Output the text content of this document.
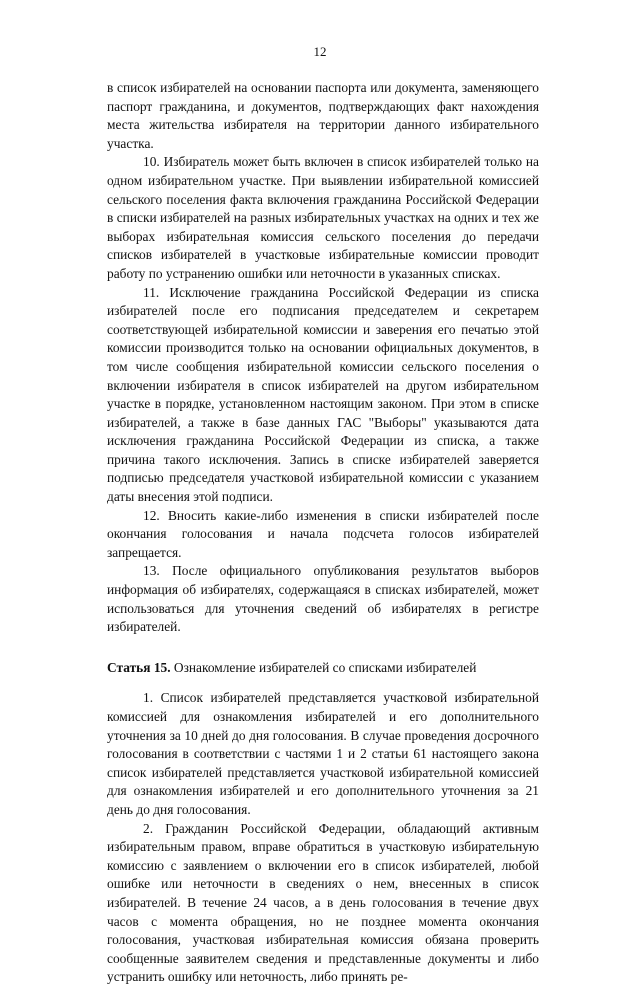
12

в список избирателей на основании паспорта или документа, заменяющего паспорт гражданина, и документов, подтверждающих факт нахождения места жительства избирателя на территории данного избирательного участка.

10. Избиратель может быть включен в список избирателей только на одном избирательном участке. При выявлении избирательной комиссией сельского поселения факта включения гражданина Российской Федерации в списки избирателей на разных избирательных участках на одних и тех же выборах избирательная комиссия сельского поселения до передачи списков избирателей в участковые избирательные комиссии проводит работу по устранению ошибки или неточности в указанных списках.

11. Исключение гражданина Российской Федерации из списка избирателей после его подписания председателем и секретарем соответствующей избирательной комиссии и заверения его печатью этой комиссии производится только на основании официальных документов, в том числе сообщения избирательной комиссии сельского поселения о включении избирателя в список избирателей на другом избирательном участке в порядке, установленном настоящим законом. При этом в списке избирателей, а также в базе данных ГАС "Выборы" указываются дата исключения гражданина Российской Федерации из списка, а также причина такого исключения. Запись в списке избирателей заверяется подписью председателя участковой избирательной комиссии с указанием даты внесения этой подписи.

12. Вносить какие-либо изменения в списки избирателей после окончания голосования и начала подсчета голосов избирателей запрещается.

13. После официального опубликования результатов выборов информация об избирателях, содержащаяся в списках избирателей, может использоваться для уточнения сведений об избирателях в регистре избирателей.

Статья 15. Ознакомление избирателей со списками избирателей

1. Список избирателей представляется участковой избирательной комиссией для ознакомления избирателей и его дополнительного уточнения за 10 дней до дня голосования. В случае проведения досрочного голосования в соответствии с частями 1 и 2 статьи 61 настоящего закона список избирателей представляется участковой избирательной комиссией для ознакомления избирателей и его дополнительного уточнения за 21 день до дня голосования.

2. Гражданин Российской Федерации, обладающий активным избирательным правом, вправе обратиться в участковую избирательную комиссию с заявлением о включении его в список избирателей, любой ошибке или неточности в сведениях о нем, внесенных в список избирателей. В течение 24 часов, а в день голосования в течение двух часов с момента обращения, но не позднее момента окончания голосования, участковая избирательная комиссия обязана проверить сообщенные заявителем сведения и представленные документы и либо устранить ошибку или неточность, либо принять ре-
